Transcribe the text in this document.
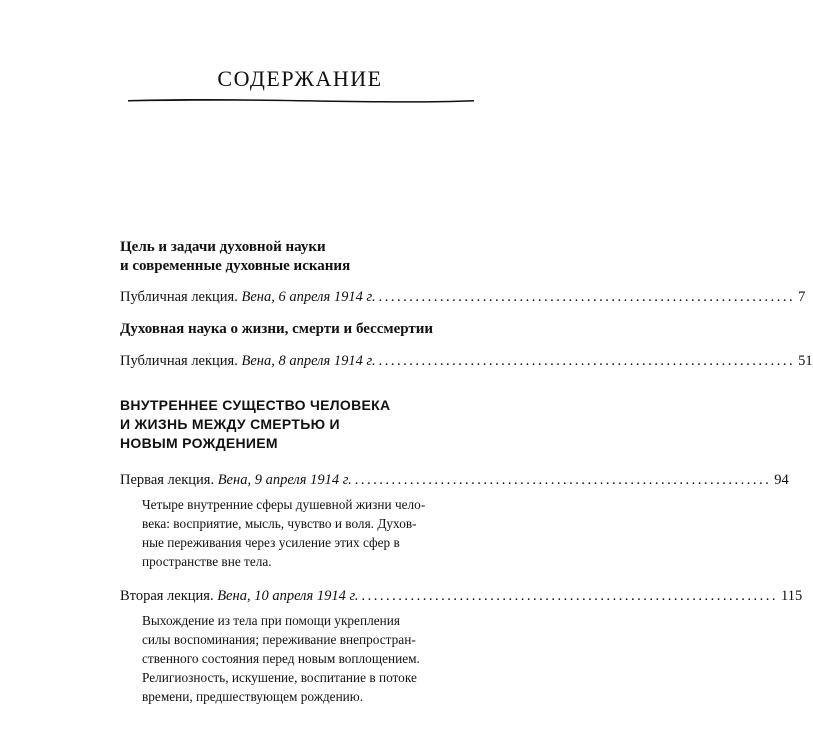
СОДЕРЖАНИЕ

Цель и задачи духовной науки

и современные духовные искания

Публичная лекция. Вена, 6 апреля 1914 г. .................................................................... 7

Духовная наука о жизни, смерти и бессмертии

Публичная лекция. Вена, 8 апреля 1914 г. .................................................................... 51

ВНУТРЕННЕЕ СУЩЕСТВО ЧЕЛОВЕКА

И ЖИЗНЬ МЕЖДУ СМЕРТЬЮ И

НОВЫМ РОЖДЕНИЕМ

Первая лекция. Вена, 9 апреля 1914 г. .................................................................... 94
Четыре внутренние сферы душевной жизни чело-
века: восприятие, мысль, чувство и воля. Духов-
ные переживания через усиление этих сфер в
пространстве вне тела.
Вторая лекция. Вена, 10 апреля 1914 г. .................................................................... 115
Выхождение из тела при помощи укрепления
силы воспоминания; переживание внепростран-
ственного состояния перед новым воплощением.
Религиозность, искушение, воспитание в потоке
времени, предшествующем рождению.
